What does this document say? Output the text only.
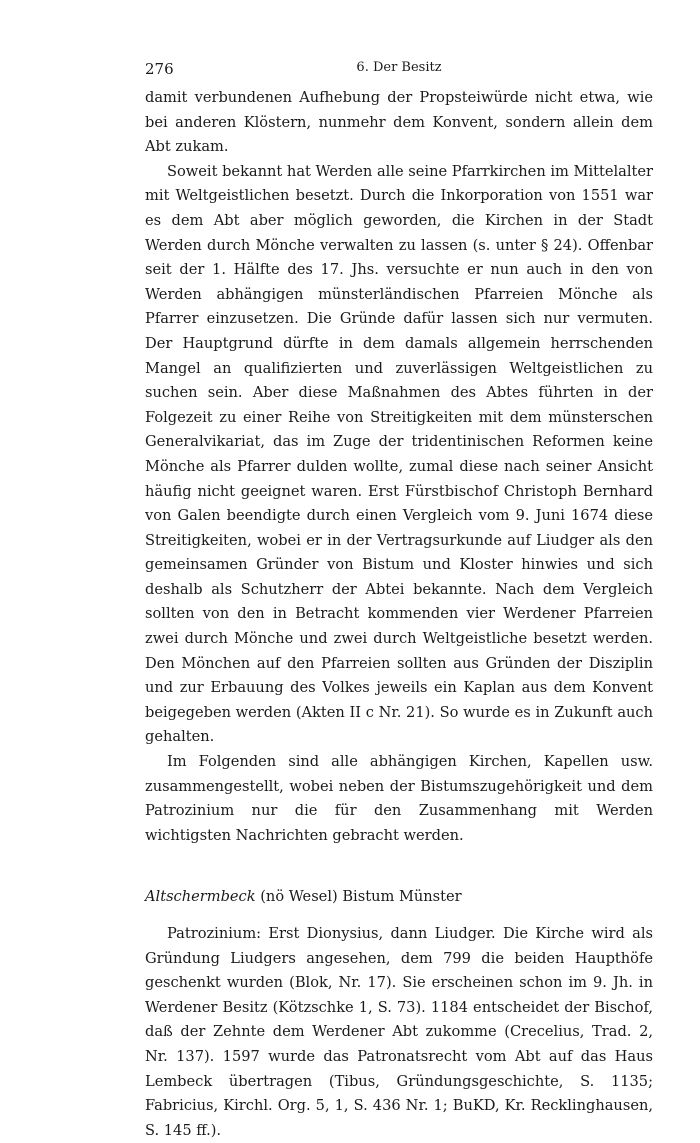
276	6. Der Besitz

damit verbundenen Aufhebung der Propsteiwürde nicht etwa, wie bei anderen Klöstern, nunmehr dem Konvent, sondern allein dem Abt zukam.

Soweit bekannt hat Werden alle seine Pfarrkirchen im Mittelalter mit Weltgeistlichen besetzt. Durch die Inkorporation von 1551 war es dem Abt aber möglich geworden, die Kirchen in der Stadt Werden durch Mönche verwalten zu lassen (s. unter § 24). Offenbar seit der 1. Hälfte des 17. Jhs. versuchte er nun auch in den von Werden abhängigen münsterländischen Pfarreien Mönche als Pfarrer einzusetzen. Die Gründe dafür lassen sich nur vermuten. Der Hauptgrund dürfte in dem damals allgemein herrschenden Mangel an qualifizierten und zuverlässigen Weltgeistlichen zu suchen sein. Aber diese Maßnahmen des Abtes führten in der Folgezeit zu einer Reihe von Streitigkeiten mit dem münsterschen Generalvikariat, das im Zuge der tridentinischen Reformen keine Mönche als Pfarrer dulden wollte, zumal diese nach seiner Ansicht häufig nicht geeignet waren. Erst Fürstbischof Christoph Bernhard von Galen beendigte durch einen Vergleich vom 9. Juni 1674 diese Streitigkeiten, wobei er in der Vertragsurkunde auf Liudger als den gemeinsamen Gründer von Bistum und Kloster hinwies und sich deshalb als Schutzherr der Abtei bekannte. Nach dem Vergleich sollten von den in Betracht kommenden vier Werdener Pfarreien zwei durch Mönche und zwei durch Weltgeistliche besetzt werden. Den Mönchen auf den Pfarreien sollten aus Gründen der Disziplin und zur Erbauung des Volkes jeweils ein Kaplan aus dem Konvent beigegeben werden (Akten II c Nr. 21). So wurde es in Zukunft auch gehalten.

Im Folgenden sind alle abhängigen Kirchen, Kapellen usw. zusammengestellt, wobei neben der Bistumszugehörigkeit und dem Patrozinium nur die für den Zusammenhang mit Werden wichtigsten Nachrichten gebracht werden.

Altschermbeck (nö Wesel) Bistum Münster

Patrozinium: Erst Dionysius, dann Liudger. Die Kirche wird als Gründung Liudgers angesehen, dem 799 die beiden Haupthöfe geschenkt wurden (Blok, Nr. 17). Sie erscheinen schon im 9. Jh. in Werdener Besitz (Kötzschke 1, S. 73). 1184 entscheidet der Bischof, daß der Zehnte dem Werdener Abt zukomme (Crecelius, Trad. 2, Nr. 137). 1597 wurde das Patronatsrecht vom Abt auf das Haus Lembeck übertragen (Tibus, Gründungsgeschichte, S. 1135; Fabricius, Kirchl. Org. 5, 1, S. 436 Nr. 1; BuKD, Kr. Recklinghausen, S. 145 ff.).
